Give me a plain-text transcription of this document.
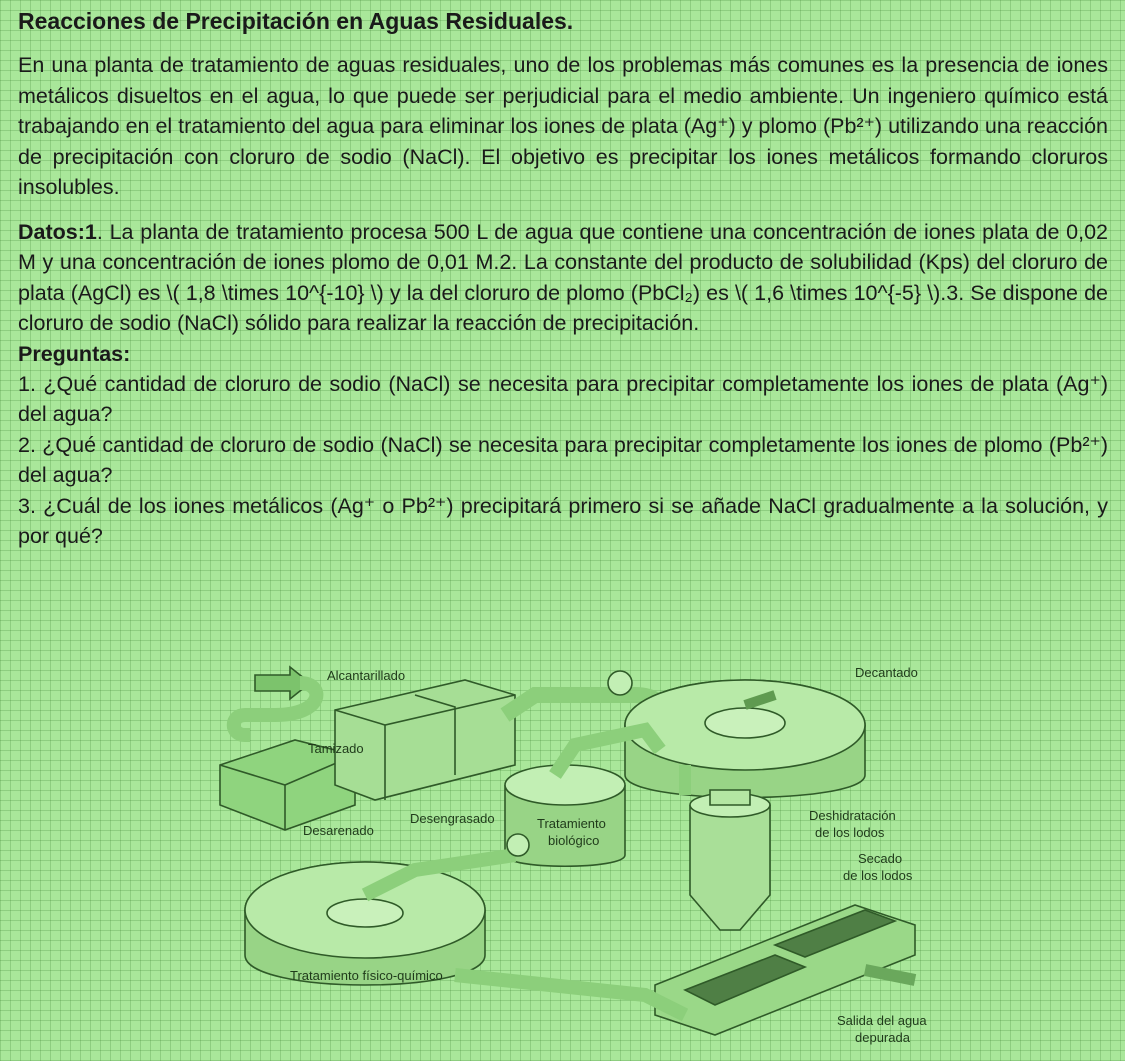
Reacciones de Precipitación en Aguas Residuales.

En una planta de tratamiento de aguas residuales, uno de los problemas más comunes es la presencia de iones metálicos disueltos en el agua, lo que puede ser perjudicial para el medio ambiente. Un ingeniero químico está trabajando en el tratamiento del agua para eliminar los iones de plata (Ag⁺) y plomo (Pb²⁺) utilizando una reacción de precipitación con cloruro de sodio (NaCl). El objetivo es precipitar los iones metálicos formando cloruros insolubles.

Datos:1. La planta de tratamiento procesa 500 L de agua que contiene una concentración de iones plata de 0,02 M y una concentración de iones plomo de 0,01 M.2. La constante del producto de solubilidad (Kps) del cloruro de plata (AgCl) es \( 1,8 \times 10^{-10} \) y la del cloruro de plomo (PbCl₂) es \( 1,6 \times 10^{-5} \).3. Se dispone de cloruro de sodio (NaCl) sólido para realizar la reacción de precipitación.

Preguntas:

1. ¿Qué cantidad de cloruro de sodio (NaCl) se necesita para precipitar completamente los iones de plata (Ag⁺) del agua?

2. ¿Qué cantidad de cloruro de sodio (NaCl) se necesita para precipitar completamente los iones de plomo (Pb²⁺) del agua?

3. ¿Cuál de los iones metálicos (Ag⁺ o Pb²⁺) precipitará primero si se añade NaCl gradualmente a la solución, y por qué?

Alcantarillado
Tamizado
Desarenado
Desengrasado	Tratamiento
biológico
Decantado
Deshidratación
de los lodos
Secado
de los lodos
Tratamiento físico-químico
Salida del agua
depurada
